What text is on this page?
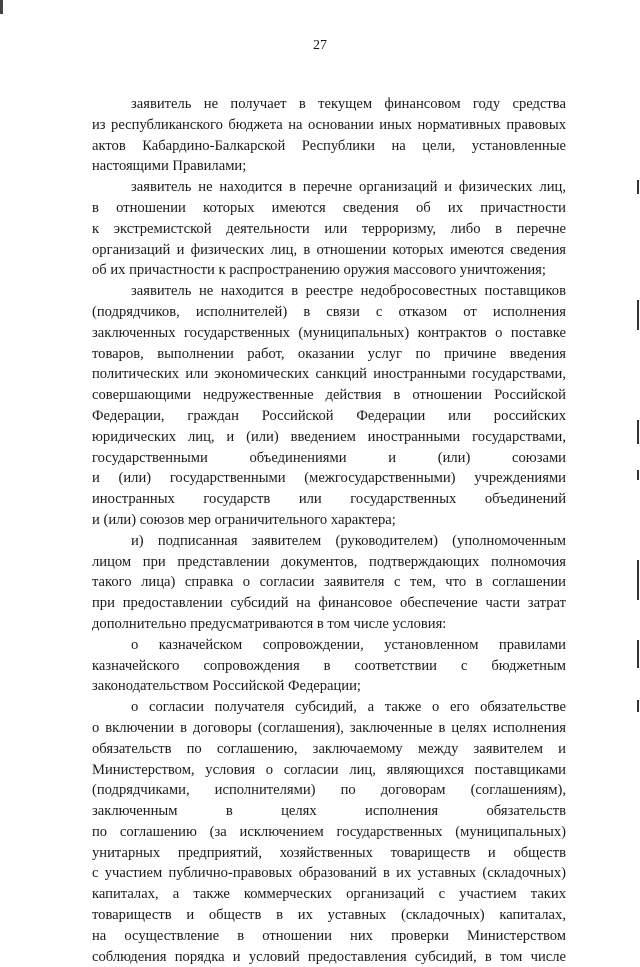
27
заявитель не получает в текущем финансовом году средства
из республиканского бюджета на основании иных нормативных правовых
актов Кабардино-Балкарской Республики на цели, установленные
настоящими Правилами;
заявитель не находится в перечне организаций и физических лиц,
в отношении которых имеются сведения об их причастности
к экстремистской деятельности или терроризму, либо в перечне
организаций и физических лиц, в отношении которых имеются сведения
об их причастности к распространению оружия массового уничтожения;
заявитель не находится в реестре недобросовестных поставщиков
(подрядчиков, исполнителей) в связи с отказом от исполнения
заключенных государственных (муниципальных) контрактов о поставке
товаров, выполнении работ, оказании услуг по причине введения
политических или экономических санкций иностранными государствами,
совершающими недружественные действия в отношении Российской
Федерации, граждан Российской Федерации или российских
юридических лиц, и (или) введением иностранными государствами,
государственными объединениями и (или) союзами
и (или) государственными (межгосударственными) учреждениями
иностранных государств или государственных объединений
и (или) союзов мер ограничительного характера;
и) подписанная заявителем (руководителем) (уполномоченным
лицом при представлении документов, подтверждающих полномочия
такого лица) справка о согласии заявителя с тем, что в соглашении
при предоставлении субсидий на финансовое обеспечение части затрат
дополнительно предусматриваются в том числе условия:
о казначейском сопровождении, установленном правилами
казначейского сопровождения в соответствии с бюджетным
законодательством Российской Федерации;
о согласии получателя субсидий, а также о его обязательстве
о включении в договоры (соглашения), заключенные в целях исполнения
обязательств по соглашению, заключаемому между заявителем и
Министерством, условия о согласии лиц, являющихся поставщиками
(подрядчиками, исполнителями) по договорам (соглашениям),
заключенным в целях исполнения обязательств
по соглашению (за исключением государственных (муниципальных)
унитарных предприятий, хозяйственных товариществ и обществ
с участием публично-правовых образований в их уставных (складочных)
капиталах, а также коммерческих организаций с участием таких
товариществ и обществ в их уставных (складочных) капиталах,
на осуществление в отношении них проверки Министерством
соблюдения порядка и условий предоставления субсидий, в том числе
